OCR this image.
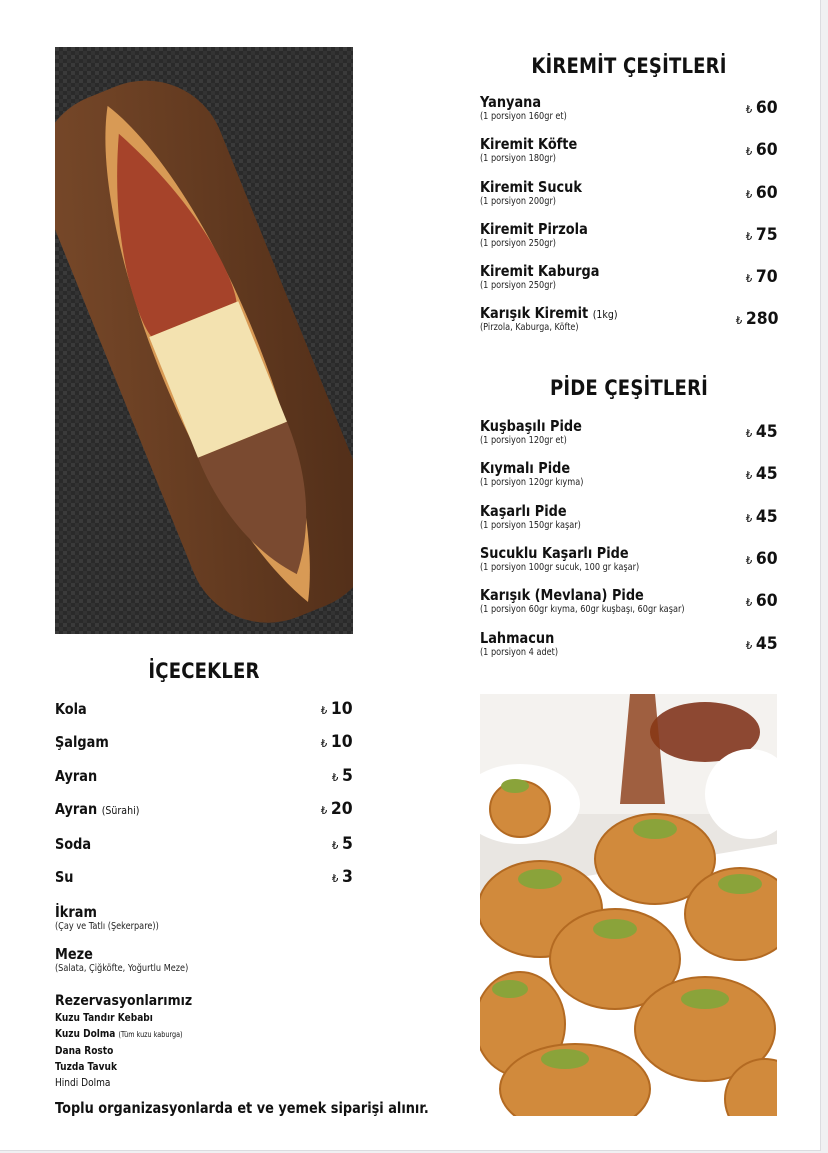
KİREMİT ÇEŞİTLERİ
Yanyana
(1 porsiyon 160gr et)
₺ 60
Kiremit Köfte
(1 porsiyon 180gr)
₺ 60
Kiremit Sucuk
(1 porsiyon 200gr)
₺ 60
Kiremit Pirzola
(1 porsiyon 250gr)
₺ 75
Kiremit Kaburga
(1 porsiyon 250gr)
₺ 70
Karışık Kiremit (1kg)
(Pirzola, Kaburga, Köfte)
₺ 280
PİDE ÇEŞİTLERİ
Kuşbaşılı Pide
(1 porsiyon 120gr et)
₺ 45
Kıymalı Pide
(1 porsiyon 120gr kıyma)
₺ 45
Kaşarlı Pide
(1 porsiyon 150gr kaşar)
₺ 45
Sucuklu Kaşarlı Pide
(1 porsiyon 100gr sucuk, 100 gr kaşar)
₺ 60
Karışık (Mevlana) Pide
(1 porsiyon 60gr kıyma, 60gr kuşbaşı, 60gr kaşar)
₺ 60
Lahmacun
(1 porsiyon 4 adet)
₺ 45
İÇECEKLER
Kola	₺ 10
Şalgam	₺ 10
Ayran	₺ 5
Ayran (Sürahi)	₺ 20
Soda	₺ 5
Su	₺ 3
İkram
(Çay ve Tatlı (Şekerpare))
Meze
(Salata, Çiğköfte, Yoğurtlu Meze)
Rezervasyonlarımız
Kuzu Tandır Kebabı
Kuzu Dolma (Tüm kuzu kaburga)
Dana Rosto
Tuzda Tavuk
Hindi Dolma
Toplu organizasyonlarda et ve yemek siparişi alınır.
